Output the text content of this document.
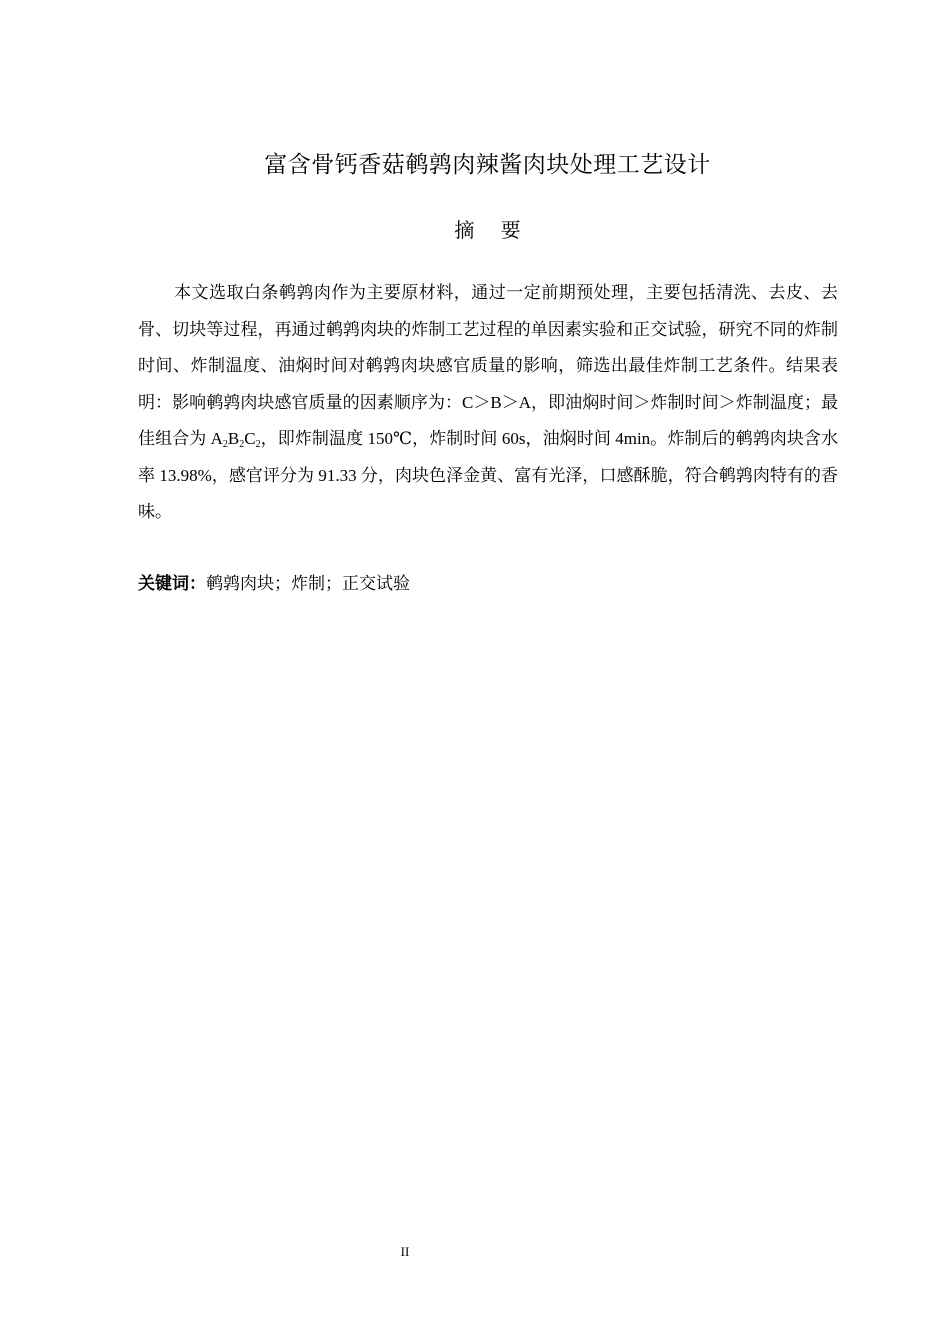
富含骨钙香菇鹌鹑肉辣酱肉块处理工艺设计
摘 要

本文选取白条鹌鹑肉作为主要原材料，通过一定前期预处理，主要包括清洗、去皮、去骨、切块等过程，再通过鹌鹑肉块的炸制工艺过程的单因素实验和正交试验，研究不同的炸制时间、炸制温度、油焖时间对鹌鹑肉块感官质量的影响，筛选出最佳炸制工艺条件。结果表明：影响鹌鹑肉块感官质量的因素顺序为：C＞B＞A，即油焖时间＞炸制时间＞炸制温度；最佳组合为 $A_2B_2C_2$，即炸制温度 150℃，炸制时间 60s，油焖时间 4min。炸制后的鹌鹑肉块含水率 13.98%，感官评分为 91.33 分，肉块色泽金黄、富有光泽，口感酥脆，符合鹌鹑肉特有的香味。

关键词：鹌鹑肉块；炸制；正交试验
II
